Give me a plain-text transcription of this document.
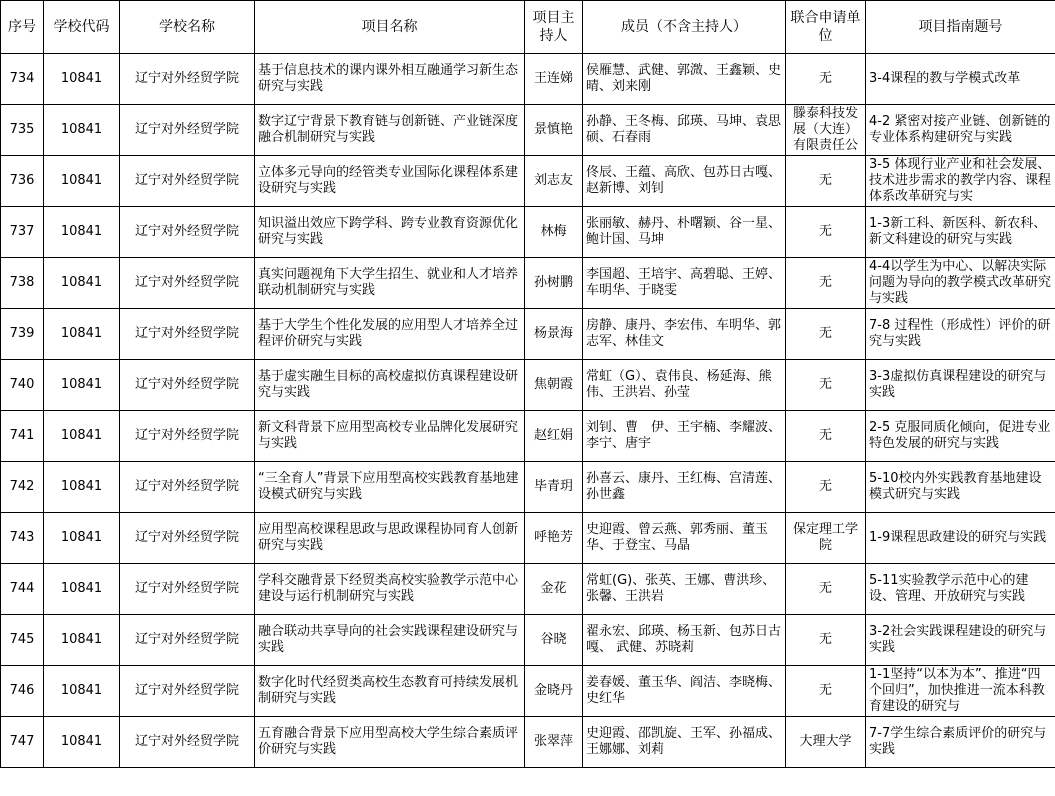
序号	学校代码	学校名称	项目名称	项目主持人	成员（不含主持人）	联合申请单位	项目指南题号

734	10841	辽宁对外经贸学院	基于信息技术的课内课外相互融通学习新生态研究与实践	王连娣	侯雁慧、武健、郭溦、王鑫颖、史晴、刘来刚	无	3-4课程的教与学模式改革

735	10841	辽宁对外经贸学院	数字辽宁背景下教育链与创新链、产业链深度融合机制研究与实践	景慎艳	孙静、王冬梅、邱瑛、马坤、袁思硕、石春雨	滕泰科技发展（大连）有限责任公	4-2 紧密对接产业链、创新链的专业体系构建研究与实践

736	10841	辽宁对外经贸学院	立体多元导向的经管类专业国际化课程体系建设研究与实践	刘志友	佟辰、王蕴、高欣、包苏日古嘎、赵新博、刘钊	无	3-5 体现行业产业和社会发展、技术进步需求的教学内容、课程体系改革研究与实

737	10841	辽宁对外经贸学院	知识溢出效应下跨学科、跨专业教育资源优化研究与实践	林梅	张丽敏、赫丹、朴曙颖、谷一星、鲍计国、马坤	无	1-3新工科、新医科、新农科、新文科建设的研究与实践

738	10841	辽宁对外经贸学院	真实问题视角下大学生招生、就业和人才培养联动机制研究与实践	孙树鹏	李国超、王培宇、高碧聪、王婷、车明华、于晓雯	无	4-4以学生为中心、以解决实际问题为导向的教学模式改革研究与实践

739	10841	辽宁对外经贸学院	基于大学生个性化发展的应用型人才培养全过程评价研究与实践	杨景海	房静、康丹、李宏伟、车明华、郭志军、林佳文	无	7-8 过程性（形成性）评价的研究与实践

740	10841	辽宁对外经贸学院	基于虚实融生目标的高校虚拟仿真课程建设研究与实践	焦朝霞	常虹（G）、袁伟良、杨延海、熊伟、王洪岩、孙莹	无	3-3虚拟仿真课程建设的研究与实践

741	10841	辽宁对外经贸学院	新文科背景下应用型高校专业品牌化发展研究与实践	赵红娟	刘钊、曹　伊、王宇楠、李耀波、李宁、唐宇	无	2-5 克服同质化倾向，促进专业特色发展的研究与实践

742	10841	辽宁对外经贸学院	“三全育人”背景下应用型高校实践教育基地建设模式研究与实践	毕青玥	孙喜云、康丹、王红梅、宫清莲、孙世鑫	无	5-10校内外实践教育基地建设模式研究与实践

743	10841	辽宁对外经贸学院	应用型高校课程思政与思政课程协同育人创新研究与实践	呼艳芳	史迎霞、曾云燕、郭秀丽、董玉华、于登宝、马晶	保定理工学院	1-9课程思政建设的研究与实践

744	10841	辽宁对外经贸学院	学科交融背景下经贸类高校实验教学示范中心建设与运行机制研究与实践	金花	常虹(G)、张英、王娜、曹洪珍、张馨、王洪岩	无	5-11实验教学示范中心的建设、管理、开放研究与实践

745	10841	辽宁对外经贸学院	融合联动共享导向的社会实践课程建设研究与实践	谷晓	翟永宏、邱瑛、杨玉新、包苏日古嘎、 武健、苏晓莉	无	3-2社会实践课程建设的研究与实践

746	10841	辽宁对外经贸学院	数字化时代经贸类高校生态教育可持续发展机制研究与实践	金晓丹	姜春媛、董玉华、阎洁、李晓梅、史红华	无	1-1坚持“以本为本”、推进“四个回归”，加快推进一流本科教育建设的研究与

747	10841	辽宁对外经贸学院	五育融合背景下应用型高校大学生综合素质评价研究与实践	张翠萍	史迎霞、邵凯旋、王军、孙福成、王娜娜、刘莉	大理大学	7-7学生综合素质评价的研究与实践
